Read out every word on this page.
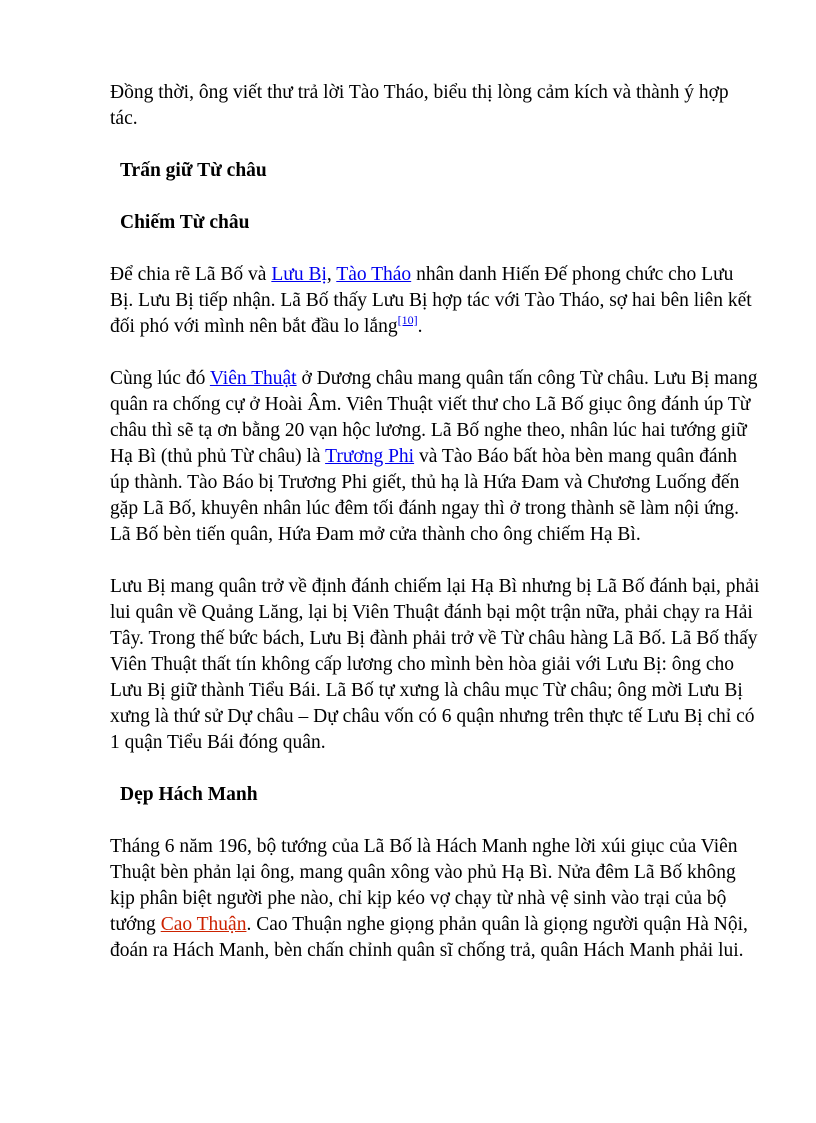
Đồng thời, ông viết thư trả lời Tào Tháo, biểu thị lòng cảm kích và thành ý hợp tác.

Trấn giữ Từ châu
Chiếm Từ châu

Để chia rẽ Lã Bố và Lưu Bị, Tào Tháo nhân danh Hiến Đế phong chức cho Lưu Bị. Lưu Bị tiếp nhận. Lã Bố thấy Lưu Bị hợp tác với Tào Tháo, sợ hai bên liên kết đối phó với mình nên bắt đầu lo lắng[10].

Cùng lúc đó Viên Thuật ở Dương châu mang quân tấn công Từ châu. Lưu Bị mang quân ra chống cự ở Hoài Âm. Viên Thuật viết thư cho Lã Bố giục ông đánh úp Từ châu thì sẽ tạ ơn bằng 20 vạn hộc lương. Lã Bố nghe theo, nhân lúc hai tướng giữ Hạ Bì (thủ phủ Từ châu) là Trương Phi và Tào Báo bất hòa bèn mang quân đánh úp thành. Tào Báo bị Trương Phi giết, thủ hạ là Hứa Đam và Chương Luống đến gặp Lã Bố, khuyên nhân lúc đêm tối đánh ngay thì ở trong thành sẽ làm nội ứng. Lã Bố bèn tiến quân, Hứa Đam mở cửa thành cho ông chiếm Hạ Bì.

Lưu Bị mang quân trở về định đánh chiếm lại Hạ Bì nhưng bị Lã Bố đánh bại, phải lui quân về Quảng Lăng, lại bị Viên Thuật đánh bại một trận nữa, phải chạy ra Hải Tây. Trong thế bức bách, Lưu Bị đành phải trở về Từ châu hàng Lã Bố. Lã Bố thấy Viên Thuật thất tín không cấp lương cho mình bèn hòa giải với Lưu Bị: ông cho Lưu Bị giữ thành Tiểu Bái. Lã Bố tự xưng là châu mục Từ châu; ông mời Lưu Bị xưng là thứ sử Dự châu – Dự châu vốn có 6 quận nhưng trên thực tế Lưu Bị chỉ có 1 quận Tiểu Bái đóng quân.

Dẹp Hách Manh

Tháng 6 năm 196, bộ tướng của Lã Bố là Hách Manh nghe lời xúi giục của Viên Thuật bèn phản lại ông, mang quân xông vào phủ Hạ Bì. Nửa đêm Lã Bố không kịp phân biệt người phe nào, chỉ kịp kéo vợ chạy từ nhà vệ sinh vào trại của bộ tướng Cao Thuận. Cao Thuận nghe giọng phản quân là giọng người quận Hà Nội, đoán ra Hách Manh, bèn chấn chỉnh quân sĩ chống trả, quân Hách Manh phải lui.
